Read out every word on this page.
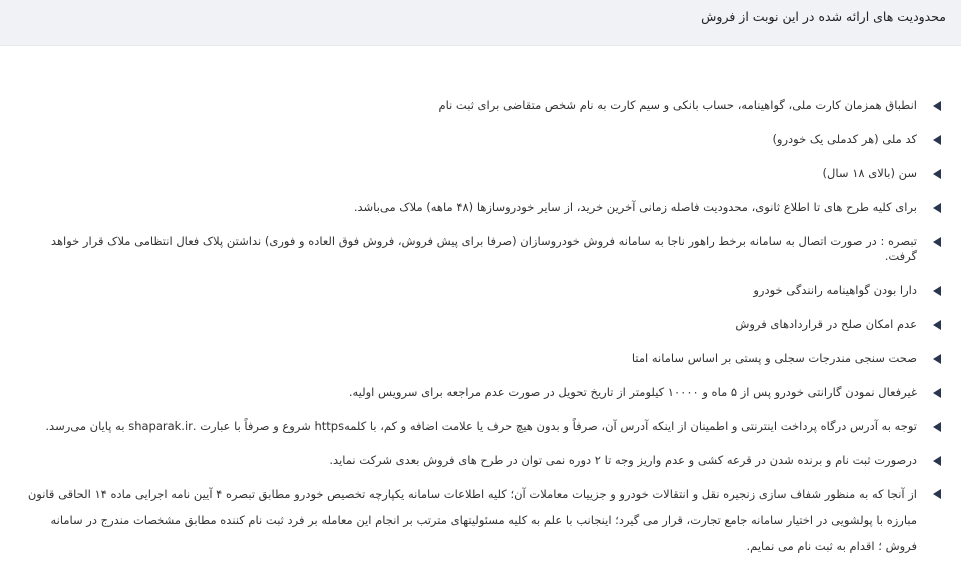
محدودیت های ارائه شده در این نوبت از فروش
انطباق همزمان کارت ملی، گواهینامه، حساب بانکی و سیم کارت به نام شخص متقاضی برای ثبت نام
کد ملی (هر کدملی یک خودرو)
سن (بالای ۱۸ سال)
برای کلیه طرح های تا اطلاع ثانوی، محدودیت فاصله زمانی آخرین خرید، از سایر خودروسازها (۴۸ ماهه) ملاک می‌باشد.
تبصره : در صورت اتصال به سامانه برخط راهور ناجا به سامانه فروش خودروسازان (صرفا برای پیش فروش، فروش فوق العاده و فوری) نداشتن پلاک فعال انتظامی ملاک قرار خواهد گرفت.
دارا بودن گواهینامه رانندگی خودرو
عدم امکان صلح در قراردادهای فروش
صحت سنجی مندرجات سجلی و پستی بر اساس سامانه امتا
غیرفعال نمودن گارانتی خودرو پس از ۵ ماه و ۱۰۰۰۰ کیلومتر از تاریخ تحویل در صورت عدم مراجعه برای سرویس اولیه.
توجه به آدرس درگاه پرداخت اینترنتی و اطمینان از اینکه آدرس آن، صرفاً و بدون هیچ حرف یا علامت اضافه و کم، با کلمهhttps شروع و صرفاً با عبارت .shaparak.ir به پایان می‌رسد.
درصورت ثبت نام و برنده شدن در قرعه کشی و عدم واریز وجه تا ۲ دوره نمی توان در طرح های فروش بعدی شرکت نماید.
از آنجا که به منظور شفاف سازی زنجیره نقل و انتقالات خودرو و جزییات معاملات آن؛ کلیه اطلاعات سامانه یکپارچه تخصیص خودرو مطابق تبصره ۴ آیین نامه اجرایی ماده ۱۴ الحاقی قانون مبارزه با پولشویی در اختیار سامانه جامع تجارت، قرار می گیرد؛ اینجانب با علم به کلیه مسئولیتهای مترتب بر انجام این معامله بر فرد ثبت نام کننده مطابق مشخصات مندرج در سامانه فروش ؛ اقدام به ثبت نام می نمایم.
